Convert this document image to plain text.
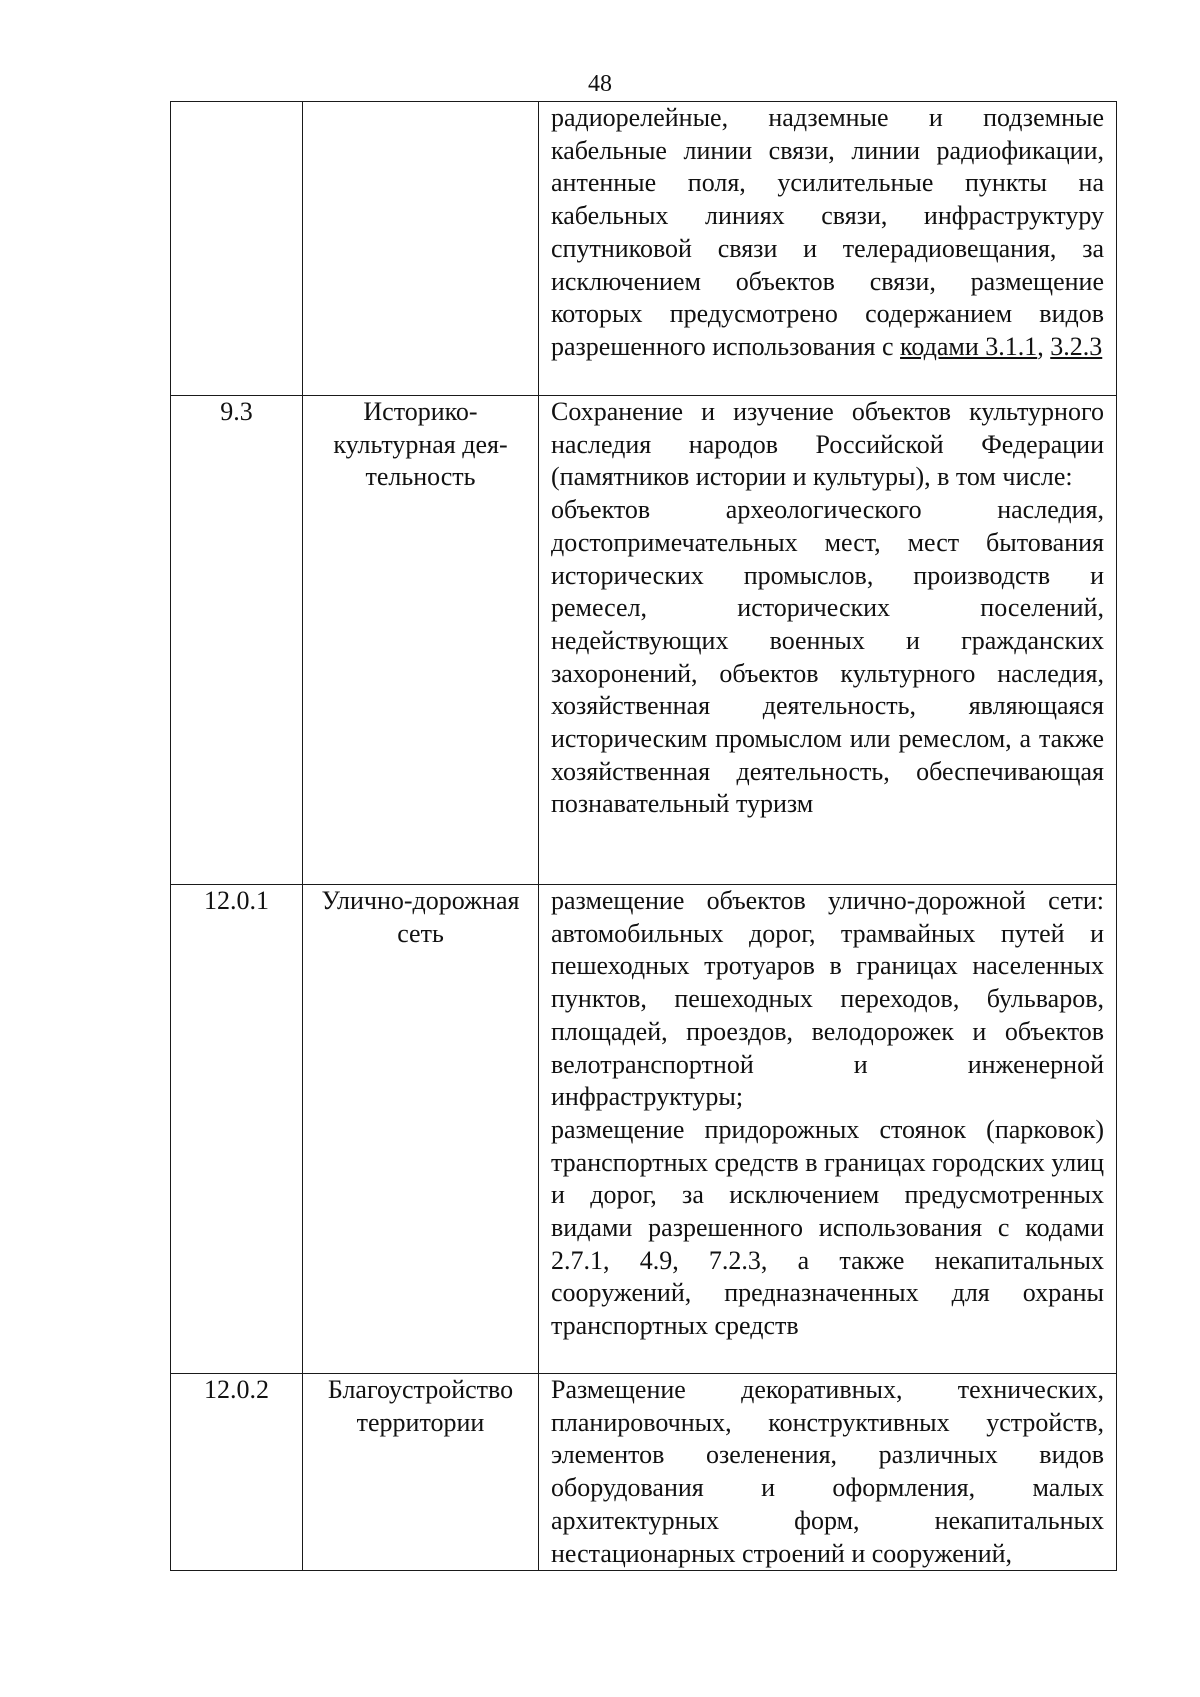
48

		радиорелейные, надземные и подземные кабельные линии связи, линии радиофикации, антенные поля, усилительные пункты на кабельных линиях связи, инфраструктуру спутниковой связи и телерадиовещания, за исключением объектов связи, размещение которых предусмотрено содержанием видов разрешенного использования с кодами 3.1.1, 3.2.3

9.3	Историко-культурная дея-тельность	Сохранение и изучение объектов культурного наследия народов Российской Федерации (памятников истории и культуры), в том числе:
объектов археологического наследия, достопримечательных мест, мест бытования исторических промыслов, производств и ремесел, исторических поселений, недействующих военных и гражданских захоронений, объектов культурного наследия, хозяйственная деятельность, являющаяся историческим промыслом или ремеслом, а также хозяйственная деятельность, обеспечивающая познавательный туризм

12.0.1	Улично-дорожная сеть	размещение объектов улично-дорожной сети: автомобильных дорог, трамвайных путей и пешеходных тротуаров в границах населенных пунктов, пешеходных переходов, бульваров, площадей, проездов, велодорожек и объектов велотранспортной и инженерной инфраструктуры;
размещение придорожных стоянок (парковок) транспортных средств в границах городских улиц и дорог, за исключением предусмотренных видами разрешенного использования с кодами 2.7.1, 4.9, 7.2.3, а также некапитальных сооружений, предназначенных для охраны транспортных средств

12.0.2	Благоустройство территории	Размещение декоративных, технических, планировочных, конструктивных устройств, элементов озеленения, различных видов оборудования и оформления, малых архитектурных форм, некапитальных нестационарных строений и сооружений,
